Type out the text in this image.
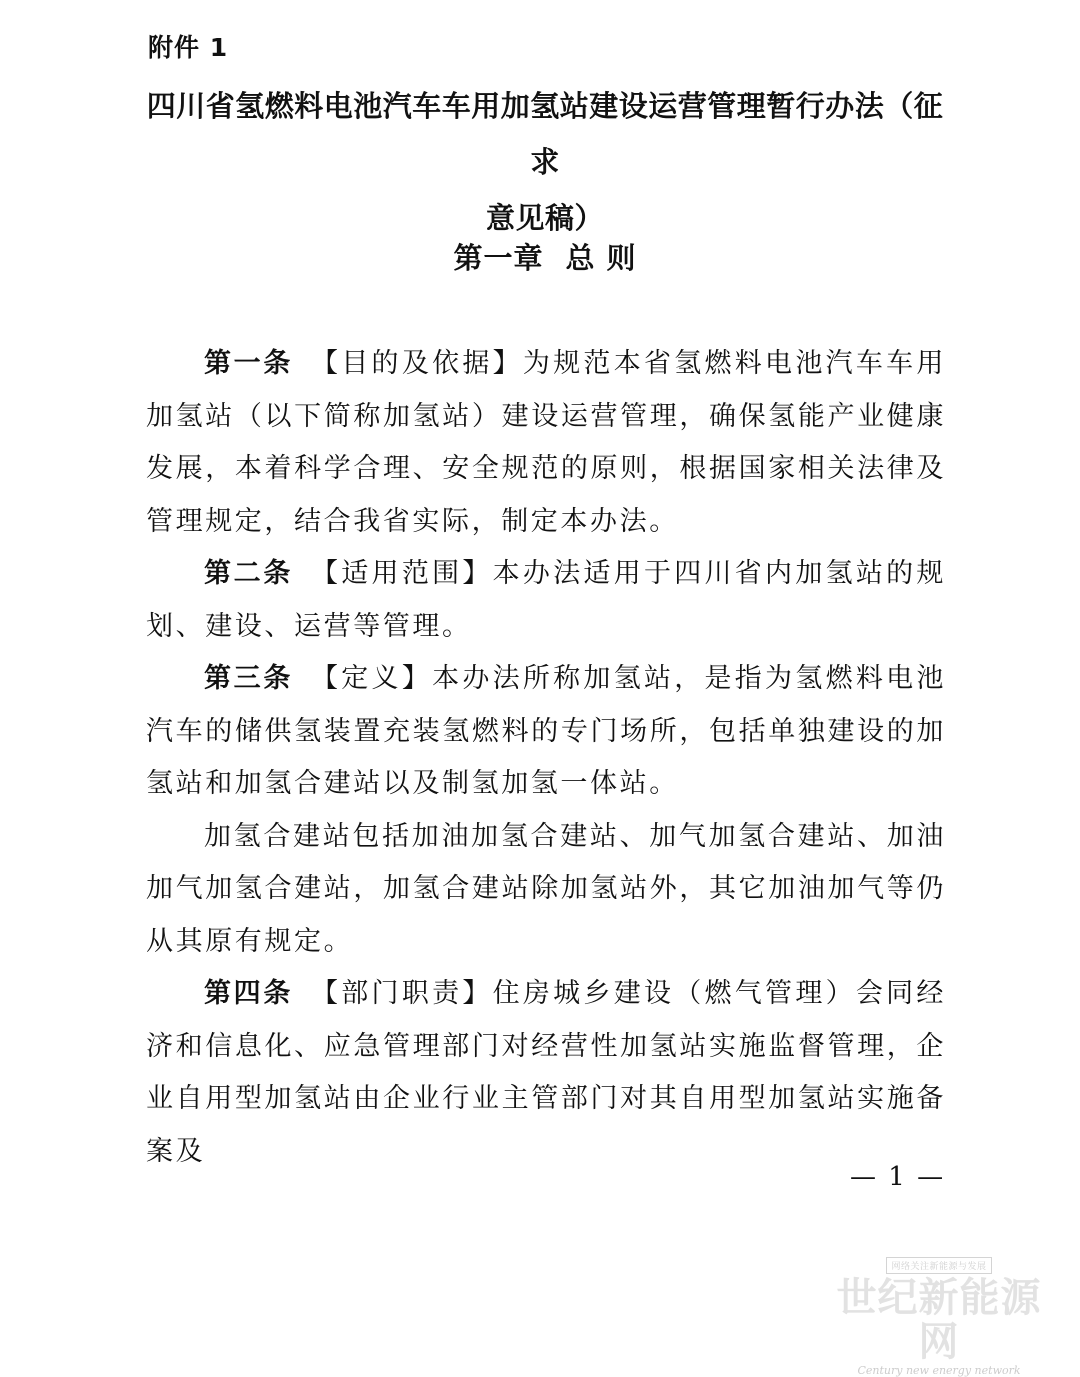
附件 1
四川省氢燃料电池汽车车用加氢站建设运营管理暂行办法（征求
意见稿）
第一章 总 则

第一条 【目的及依据】为规范本省氢燃料电池汽车车用加氢站（以下简称加氢站）建设运营管理，确保氢能产业健康发展，本着科学合理、安全规范的原则，根据国家相关法律及管理规定，结合我省实际，制定本办法。

第二条 【适用范围】本办法适用于四川省内加氢站的规划、建设、运营等管理。

第三条 【定义】本办法所称加氢站，是指为氢燃料电池汽车的储供氢装置充装氢燃料的专门场所，包括单独建设的加氢站和加氢合建站以及制氢加氢一体站。

加氢合建站包括加油加氢合建站、加气加氢合建站、加油加气加氢合建站，加氢合建站除加氢站外，其它加油加气等仍从其原有规定。

第四条 【部门职责】住房城乡建设（燃气管理）会同经济和信息化、应急管理部门对经营性加氢站实施监督管理，企业自用型加氢站由企业行业主管部门对其自用型加氢站实施备案及

— 1 —
网络关注新能源与发展
世纪新能源网
Century new energy network
